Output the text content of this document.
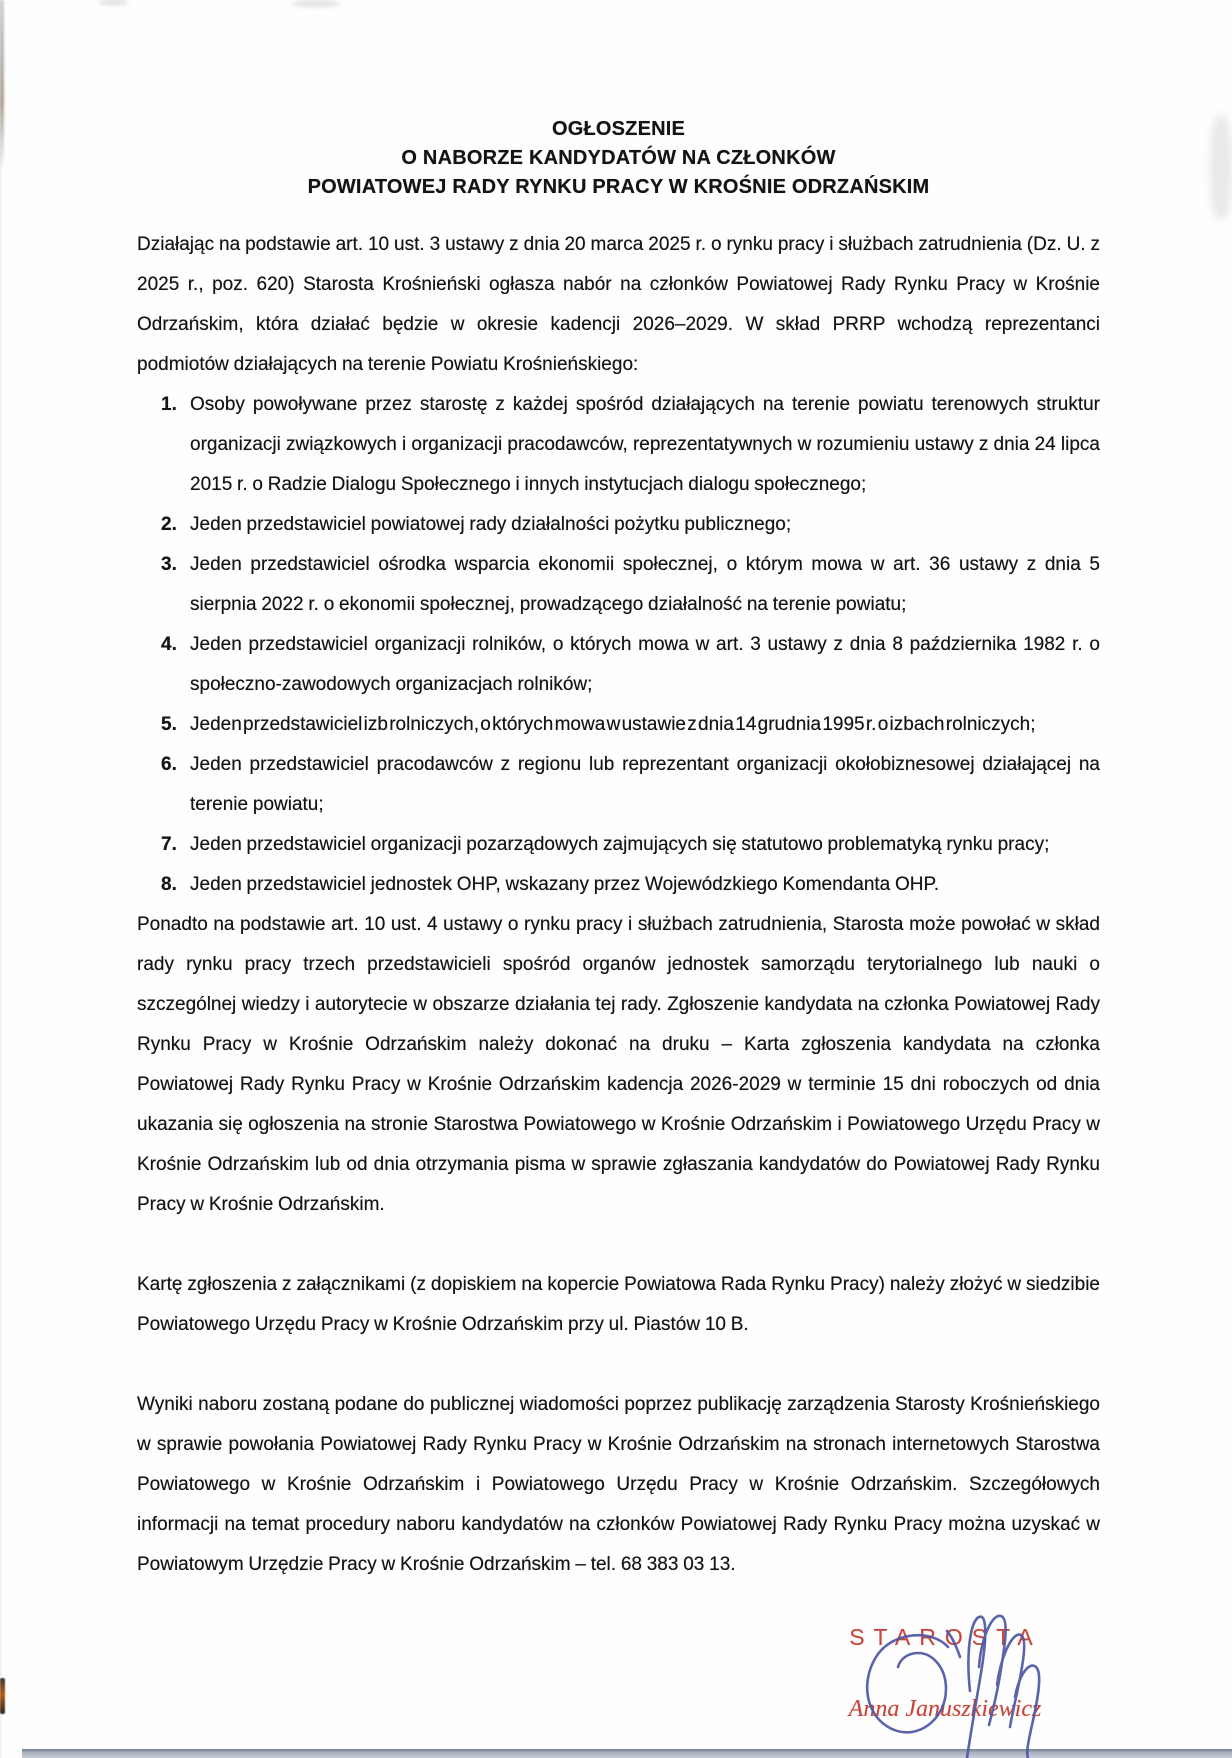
OGŁOSZENIE
O NABORZE KANDYDATÓW NA CZŁONKÓW
POWIATOWEJ RADY RYNKU PRACY W KROŚNIE ODRZAŃSKIM

Działając na podstawie art. 10 ust. 3 ustawy z dnia 20 marca 2025 r. o rynku pracy i służbach zatrudnienia (Dz. U. z 2025 r., poz. 620) Starosta Krośnieński ogłasza nabór na członków Powiatowej Rady Rynku Pracy w Krośnie Odrzańskim, która działać będzie w okresie kadencji 2026–2029. W skład PRRP wchodzą reprezentanci podmiotów działających na terenie Powiatu Krośnieńskiego:

1. Osoby powoływane przez starostę z każdej spośród działających na terenie powiatu terenowych struktur organizacji związkowych i organizacji pracodawców, reprezentatywnych w rozumieniu ustawy z dnia 24 lipca 2015 r. o Radzie Dialogu Społecznego i innych instytucjach dialogu społecznego;
2. Jeden przedstawiciel powiatowej rady działalności pożytku publicznego;
3. Jeden przedstawiciel ośrodka wsparcia ekonomii społecznej, o którym mowa w art. 36 ustawy z dnia 5 sierpnia 2022 r. o ekonomii społecznej, prowadzącego działalność na terenie powiatu;
4. Jeden przedstawiciel organizacji rolników, o których mowa w art. 3 ustawy z dnia 8 października 1982 r. o społeczno-zawodowych organizacjach rolników;
5. Jeden przedstawiciel izb rolniczych, o których mowa w ustawie z dnia 14 grudnia 1995 r. o izbach rolniczych;
6. Jeden przedstawiciel pracodawców z regionu lub reprezentant organizacji okołobiznesowej działającej na terenie powiatu;
7. Jeden przedstawiciel organizacji pozarządowych zajmujących się statutowo problematyką rynku pracy;
8. Jeden przedstawiciel jednostek OHP, wskazany przez Wojewódzkiego Komendanta OHP.

Ponadto na podstawie art. 10 ust. 4 ustawy o rynku pracy i służbach zatrudnienia, Starosta może powołać w skład rady rynku pracy trzech przedstawicieli spośród organów jednostek samorządu terytorialnego lub nauki o szczególnej wiedzy i autorytecie w obszarze działania tej rady. Zgłoszenie kandydata na członka Powiatowej Rady Rynku Pracy w Krośnie Odrzańskim należy dokonać na druku – Karta zgłoszenia kandydata na członka Powiatowej Rady Rynku Pracy w Krośnie Odrzańskim kadencja 2026-2029 w terminie 15 dni roboczych od dnia ukazania się ogłoszenia na stronie Starostwa Powiatowego w Krośnie Odrzańskim i Powiatowego Urzędu Pracy w Krośnie Odrzańskim lub od dnia otrzymania pisma w sprawie zgłaszania kandydatów do Powiatowej Rady Rynku Pracy w Krośnie Odrzańskim.

Kartę zgłoszenia z załącznikami (z dopiskiem na kopercie Powiatowa Rada Rynku Pracy) należy złożyć w siedzibie Powiatowego Urzędu Pracy w Krośnie Odrzańskim przy ul. Piastów 10 B.

Wyniki naboru zostaną podane do publicznej wiadomości poprzez publikację zarządzenia Starosty Krośnieńskiego w sprawie powołania Powiatowej Rady Rynku Pracy w Krośnie Odrzańskim na stronach internetowych Starostwa Powiatowego w Krośnie Odrzańskim i Powiatowego Urzędu Pracy w Krośnie Odrzańskim. Szczegółowych informacji na temat procedury naboru kandydatów na członków Powiatowej Rady Rynku Pracy można uzyskać w Powiatowym Urzędzie Pracy w Krośnie Odrzańskim – tel. 68 383 03 13.

STAROSTA
Anna Januszkiewicz
